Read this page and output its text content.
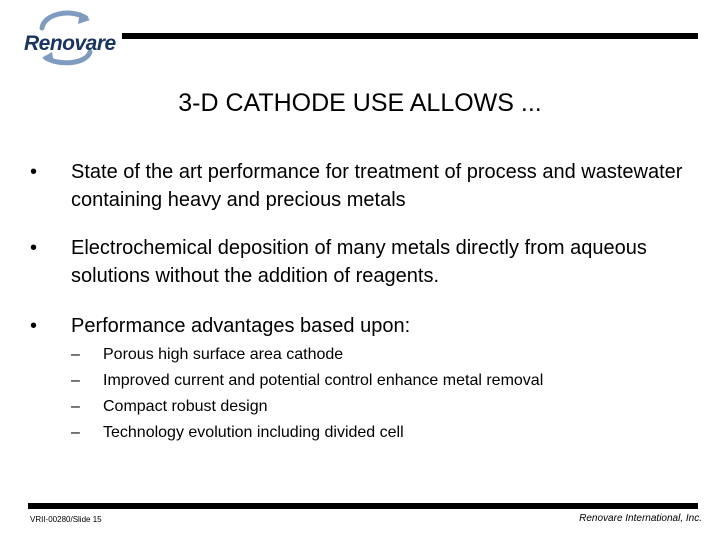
Renovare
3-D CATHODE USE ALLOWS ...
•	State of the art performance for treatment of process and wastewater containing heavy and precious metals
•	Electrochemical deposition of many metals directly from aqueous solutions without the addition of reagents.
•	Performance advantages based upon:
– Porous high surface area cathode
– Improved current and potential control enhance metal removal
– Compact robust design
– Technology evolution including divided cell
VRII-00280/Slide 15	Renovare International, Inc.
